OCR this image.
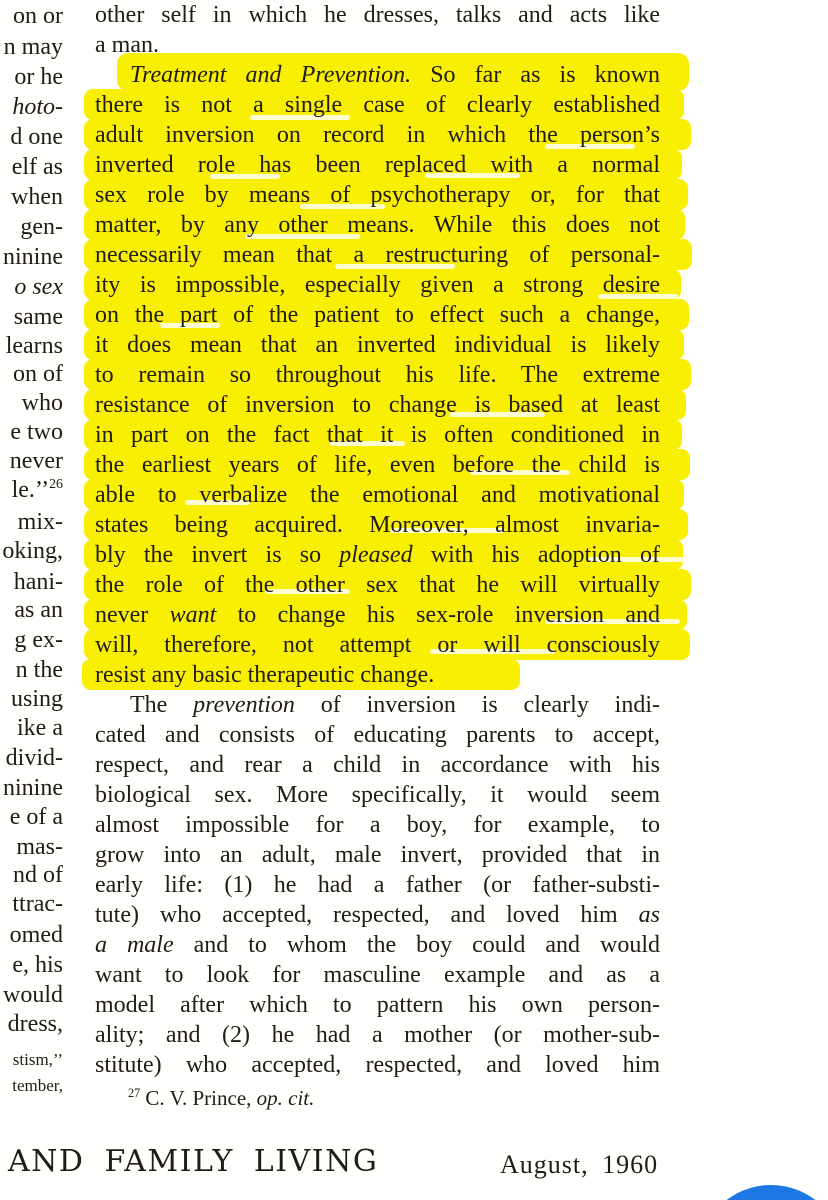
on or
n may
or he
hoto-
d one
elf as
when
gen-
ninine
o sex
same
learns
on of
who
e two
never
le.’’$^{26}$
mix-
oking,
hani-
as an
g ex-
n the
using
ike a
divid-
ninine
e of a
mas-
nd of
ttrac-
omed
e, his
would
dress,
stism,’’
tember,
other self in which he dresses, talks and acts like
a man.
Treatment and Prevention. So far as is known
there is not a single case of clearly established
adult inversion on record in which the person’s
inverted role has been replaced with a normal
sex role by means of psychotherapy or, for that
matter, by any other means. While this does not
necessarily mean that a restructuring of personal-
ity is impossible, especially given a strong desire
on the part of the patient to effect such a change,
it does mean that an inverted individual is likely
to remain so throughout his life. The extreme
resistance of inversion to change is based at least
in part on the fact that it is often conditioned in
the earliest years of life, even before the child is
able to verbalize the emotional and motivational
states being acquired. Moreover, almost invaria-
bly the invert is so pleased with his adoption of
the role of the other sex that he will virtually
never want to change his sex-role inversion and
will, therefore, not attempt or will consciously
resist any basic therapeutic change.
The prevention of inversion is clearly indi-
cated and consists of educating parents to accept,
respect, and rear a child in accordance with his
biological sex. More specifically, it would seem
almost impossible for a boy, for example, to
grow into an adult, male invert, provided that in
early life: (1) he had a father (or father-substi-
tute) who accepted, respected, and loved him as
a male and to whom the boy could and would
want to look for masculine example and as a
model after which to pattern his own person-
ality; and (2) he had a mother (or mother-sub-
stitute) who accepted, respected, and loved him
$^{27}$ C. V. Prince, op. cit.
AND FAMILY LIVING	August, 1960
